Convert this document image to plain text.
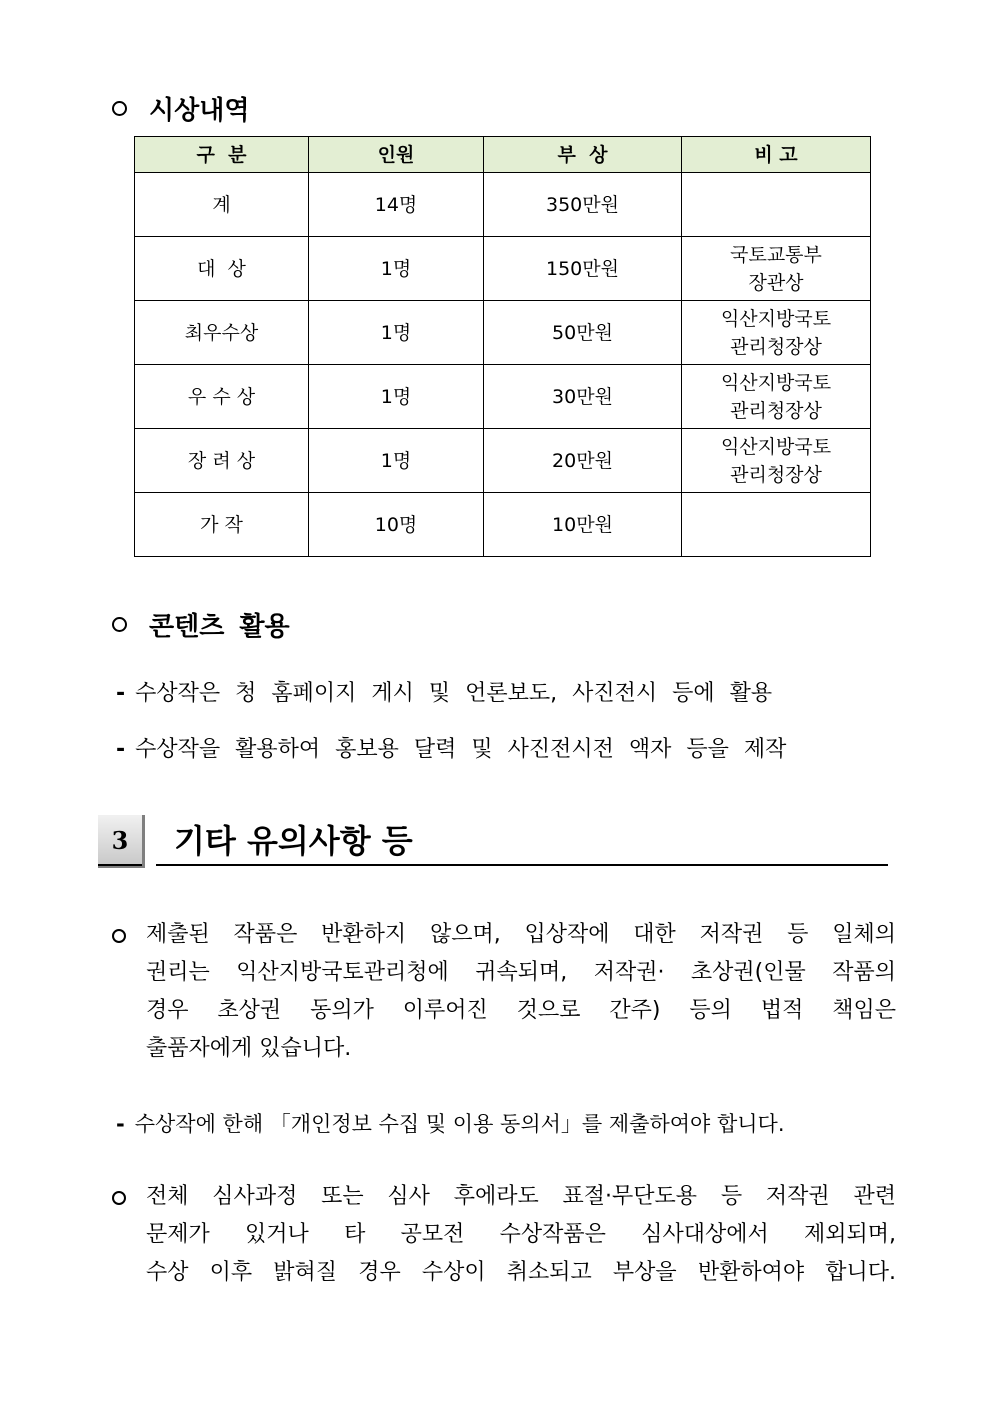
시상내역
구  분	인원	부  상	비 고
계	14명	350만원	
대  상	1명	150만원	국토교통부
장관상

최우수상	1명	50만원	익산지방국토
관리청장상

우 수 상	1명	30만원	익산지방국토
관리청장상

장 려 상	1명	20만원	익산지방국토
관리청장상

가 작	10명	10만원	
콘텐츠 활용
- 수상작은 청 홈페이지 게시 및 언론보도, 사진전시 등에 활용
- 수상작을 활용하여 홍보용 달력 및 사진전시전 액자 등을 제작
3 기타 유의사항 등
제출된 작품은 반환하지 않으며, 입상작에 대한 저작권 등 일체의
권리는 익산지방국토관리청에 귀속되며, 저작권· 초상권(인물 작품의
경우 초상권 동의가 이루어진 것으로 간주) 등의 법적 책임은
출품자에게 있습니다.
- 수상작에 한해 「개인정보 수집 및 이용 동의서」를 제출하여야 합니다.
전체 심사과정 또는 심사 후에라도 표절·무단도용 등 저작권 관련
문제가 있거나 타 공모전 수상작품은 심사대상에서 제외되며,
수상 이후 밝혀질 경우 수상이 취소되고 부상을 반환하여야 합니다.
